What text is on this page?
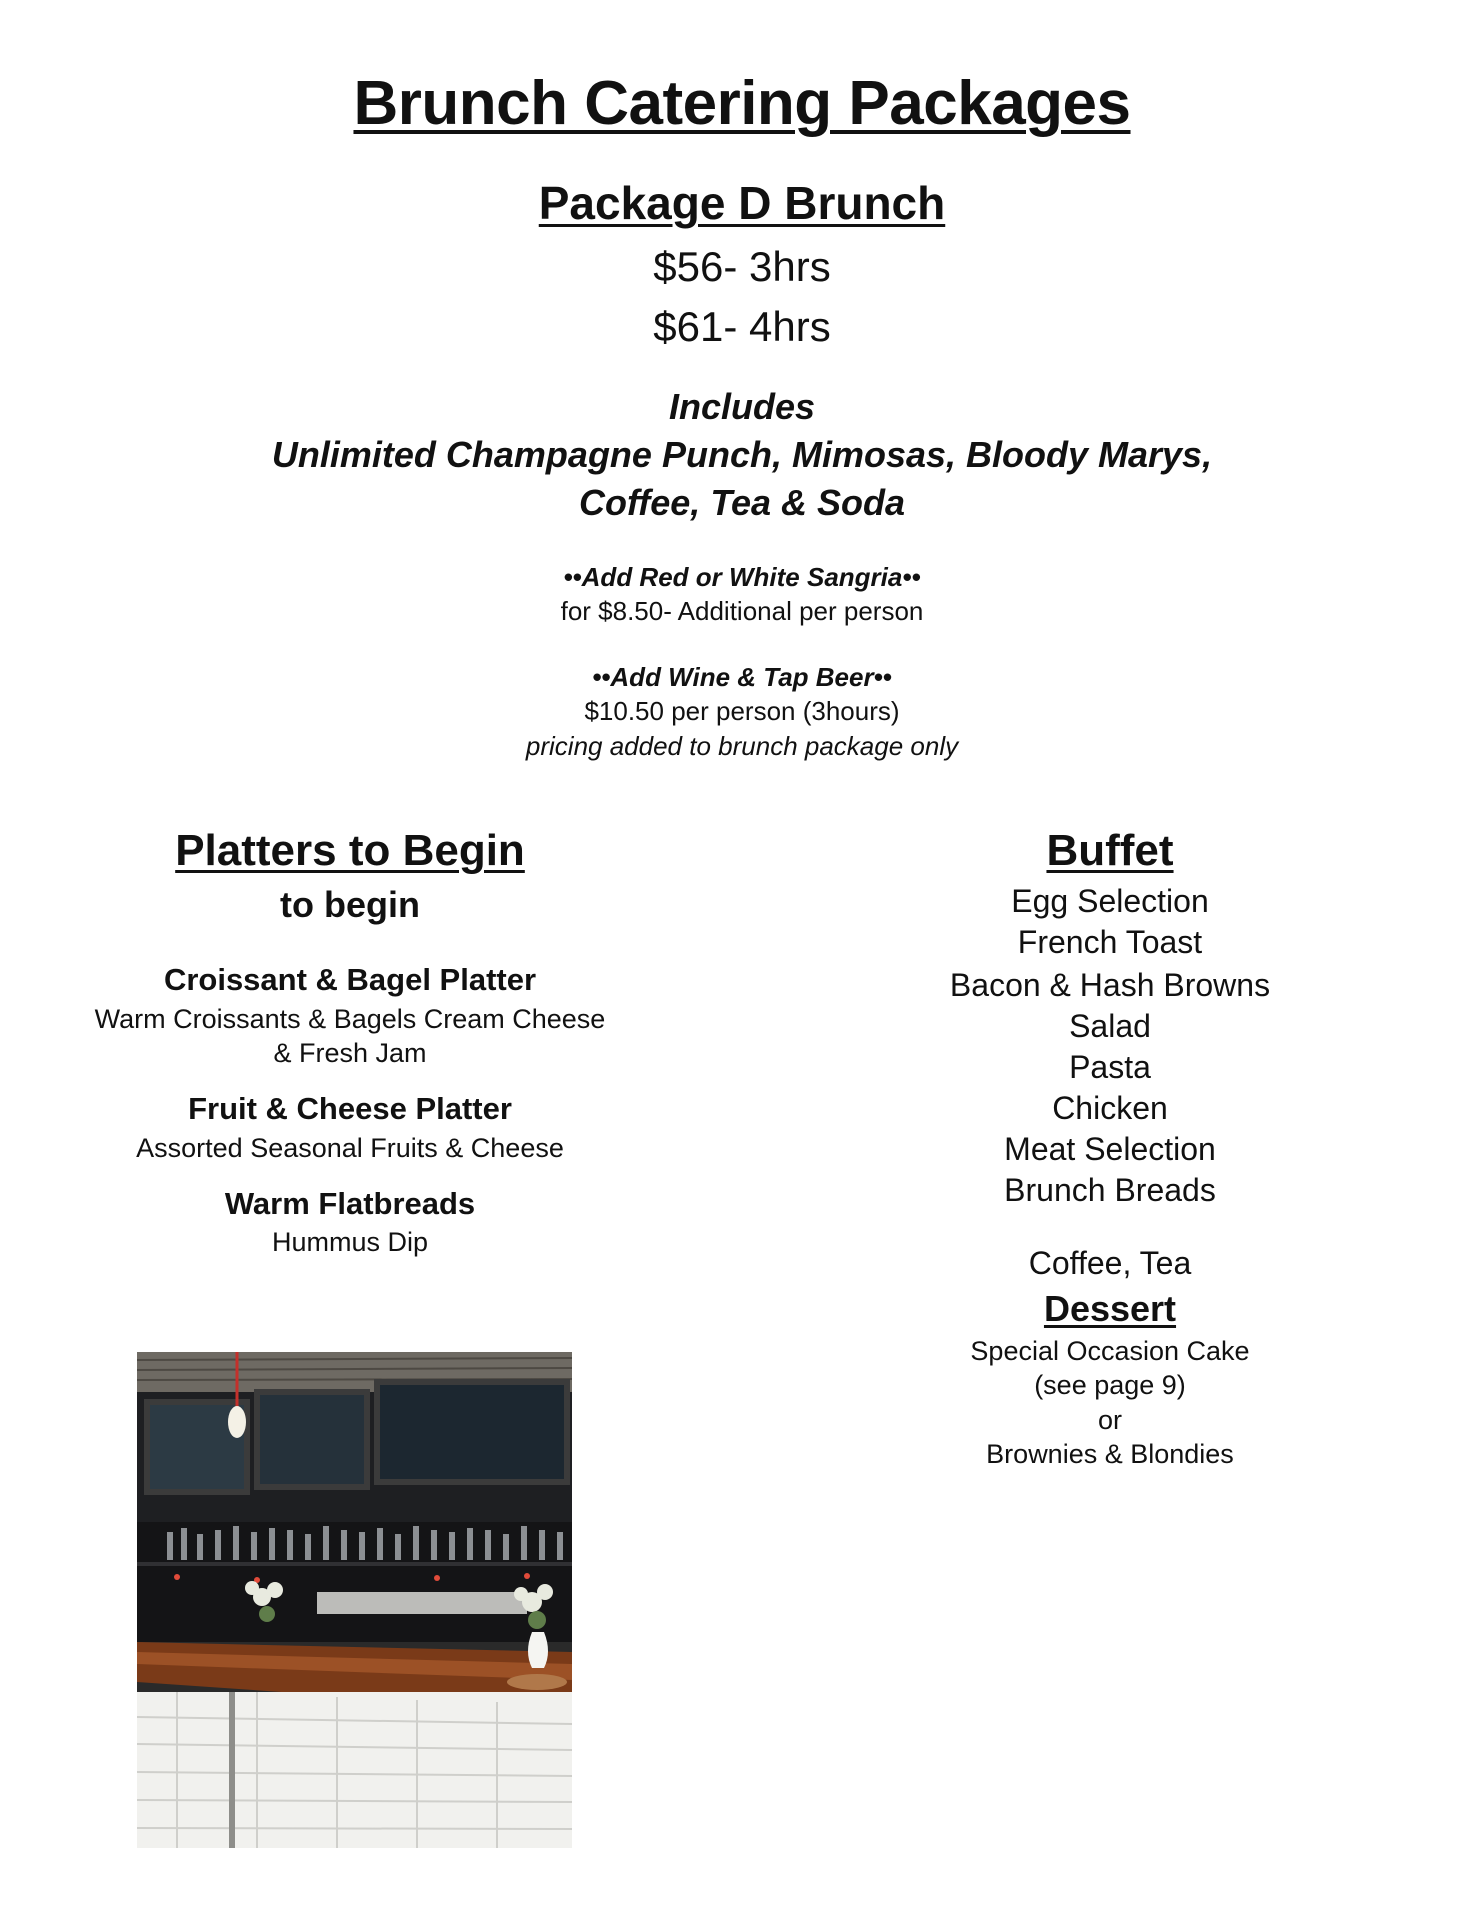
Brunch Catering Packages
Package D Brunch
$56- 3hrs
$61- 4hrs
Includes
Unlimited Champagne Punch, Mimosas, Bloody Marys,
Coffee, Tea & Soda
••Add Red or White Sangria••
for $8.50- Additional per person
••Add Wine & Tap Beer••
$10.50 per person (3hours)
pricing added to brunch package only
Platters to Begin
to begin
Croissant & Bagel Platter
Warm Croissants & Bagels Cream Cheese
& Fresh Jam
Fruit & Cheese Platter
Assorted Seasonal Fruits & Cheese
Warm Flatbreads
Hummus Dip
Buffet
Egg Selection
French Toast
Bacon & Hash Browns
Salad
Pasta
Chicken
Meat Selection
Brunch Breads
Coffee, Tea
Dessert
Special Occasion Cake
(see page 9)
or
Brownies & Blondies
